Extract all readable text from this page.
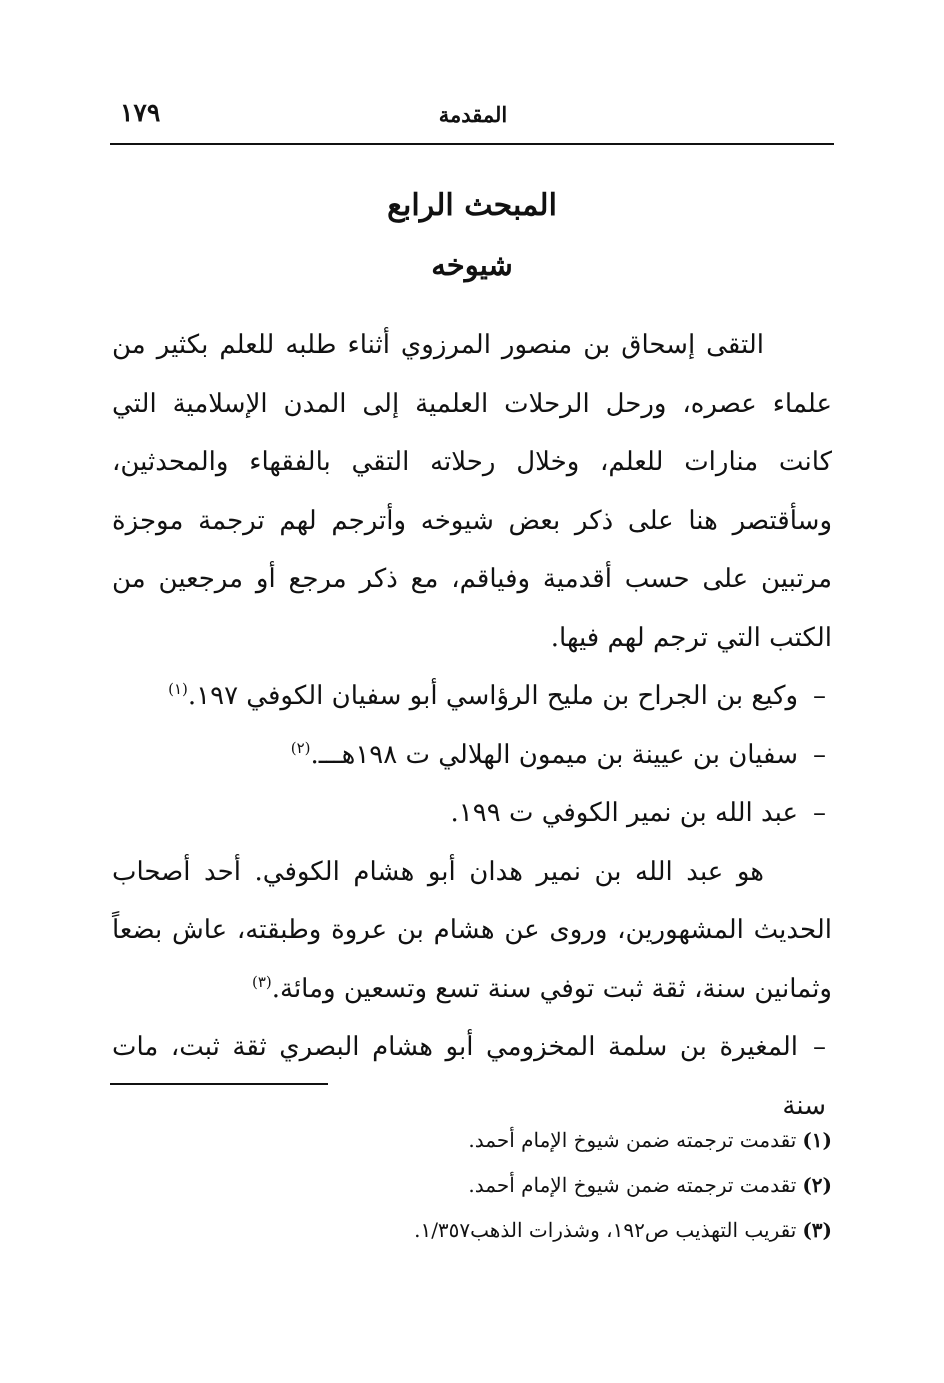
المقدمة
١٧٩
المبحث الرابع
شيوخه

التقى إسحاق بن منصور المرزوي أثناء طلبه للعلم بكثير من علماء عصره، ورحل الرحلات العلمية إلى المدن الإسلامية التي كانت منارات للعلم، وخلال رحلاته التقي بالفقهاء والمحدثين، وسأقتصر هنا على ذكر بعض شيوخه وأترجم لهم ترجمة موجزة مرتبين على حسب أقدمية وفياقم، مع ذكر مرجع أو مرجعين من الكتب التي ترجم لهم فيها.

–وكيع بن الجراح بن مليح الرؤاسي أبو سفيان الكوفي ١٩٧.$^{(١)}$

–سفيان بن عيينة بن ميمون الهلالي ت ١٩٨هـــ.$^{(٢)}$

–عبد الله بن نمير الكوفي ت ١٩٩.

هو عبد الله بن نمير هدان أبو هشام الكوفي. أحد أصحاب الحديث المشهورين، وروى عن هشام بن عروة وطبقته، عاش بضعاً وثمانين سنة، ثقة ثبت توفي سنة تسع وتسعين ومائة.$^{(٣)}$

–المغيرة بن سلمة المخزومي أبو هشام البصري ثقة ثبت، مات سنة

(١)تقدمت ترجمته ضمن شيوخ الإمام أحمد.

(٢)تقدمت ترجمته ضمن شيوخ الإمام أحمد.

(٣)تقريب التهذيب ص١٩٢، وشذرات الذهب١/٣٥٧.
